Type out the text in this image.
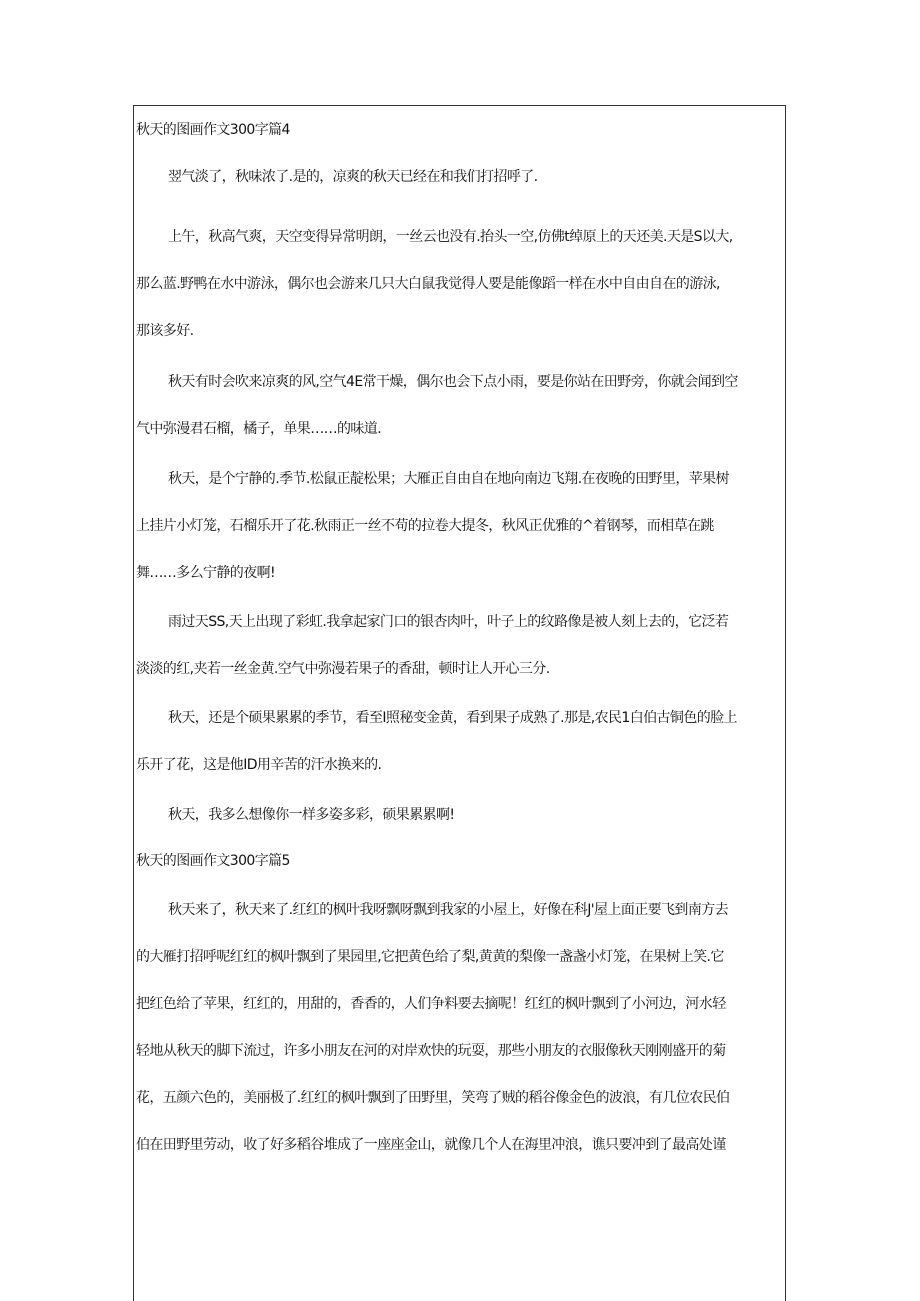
秋天的图画作文300字篇4
翌气淡了，秋味浓了.是的，凉爽的秋天已经在和我们打招呼了.
上午，秋高气爽，天空变得异常明朗，一丝云也没有.抬头一空,仿佛t绰原上的天还美.天是S以大,
那么蓝.野鸭在水中游泳，偶尔也会游来几只大白鼠我觉得人要是能像蹈一样在水中自由自在的游泳,
那该多好.
秋天有时会吹来凉爽的风,空气4E常干燥，偶尔也会下点小雨，要是你站在田野旁，你就会闻到空
气中弥漫君石榴，橘子，单果……的味道.
秋天，是个宁静的.季节.松鼠正靛松果；大雁正自由自在地向南边飞翔.在夜晚的田野里，苹果树
上挂片小灯笼，石榴乐开了花.秋雨正一丝不苟的拉卷大提冬，秋风正优雅的^着钢琴，而相草在跳
舞……多么宁静的夜啊!
雨过天SS,天上出现了彩虹.我拿起家门口的银杏肉叶，叶子上的纹路像是被人刻上去的，它泛若
淡淡的红,夹若一丝金黄.空气中弥漫若果子的香甜，顿时让人开心三分.
秋天，还是个硕果累累的季节，看至Ⅰ照秘变金黄，看到果子成熟了.那是,农民1白伯古铜色的脸上
乐开了花，这是他ID用辛苦的汗水换来的.
秋天，我多么想像你一样多姿多彩，硕果累累啊!
秋天的图画作文300字篇5
秋天来了，秋天来了.红红的枫叶我呀飘呀飘到我家的小屋上，好像在科J'屋上面正要飞到南方去
的大雁打招呼呢红红的枫叶飘到了果园里,它把黄色给了梨,黄黄的梨像一盏盏小灯笼，在果树上笑.它
把红色给了苹果，红红的，用甜的，香香的，人们争料要去摘呢！红红的枫叶飘到了小河边，河水轻
轻地从秋天的脚下流过，许多小朋友在河的对岸欢快的玩耍，那些小朋友的衣服像秋天刚刚盛开的菊
花，五颜六色的，美丽极了.红红的枫叶飘到了田野里，笑弯了贼的稻谷像金色的波浪，有几位农民伯
伯在田野里劳动，收了好多稻谷堆成了一座座金山，就像几个人在海里冲浪，谯只要冲到了最高处谨
